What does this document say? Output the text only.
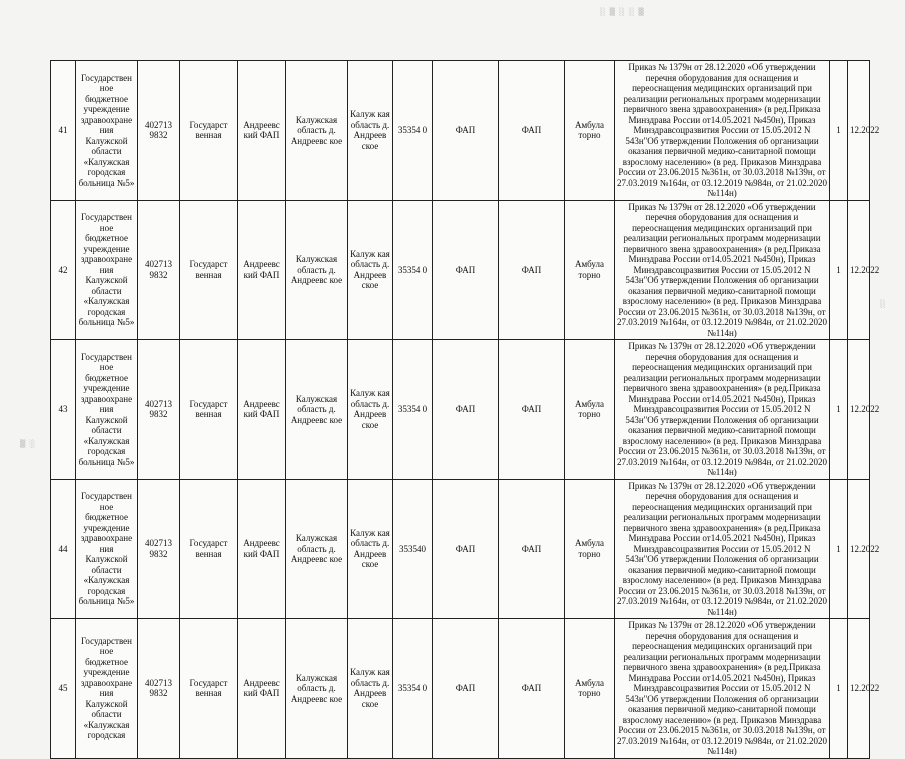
░ ▒ ░ ░ ▒
▒ ░
░
41	Государствен ное бюджетное учреждение здравоохране ния Калужской области «Калужская городская больница №5»	402713 9832	Государст венная	Андреевс кий ФАП	Калужская область д. Андреевс кое	Калуж кая область д. Андреев ское	35354 0	ФАП	ФАП	Амбула торно	Приказ № 1379н от 28.12.2020 «Об утверждении перечня оборудования для оснащения и переоснащения медицинских организаций при реализации региональных программ модернизации первичного звена здравоохранения» (в ред.Приказа Минздрава России от14.05.2021 №450н), Приказ Минздравсоцразвития России от 15.05.2012 N 543н"Об утверждении Положения об организации оказания первичной медико-санитарной помощи взрослому населению» (в ред. Приказов Минздрава России от 23.06.2015 №361н, от 30.03.2018 №139н, от 27.03.2019 №164н, от 03.12.2019 №984н, от 21.02.2020 №114н)	1	12.2022
42	Государствен ное бюджетное учреждение здравоохране ния Калужской области «Калужская городская больница №5»	402713 9832	Государст венная	Андреевс кий ФАП	Калужская область д. Андреевс кое	Калуж кая область д. Андреев ское	35354 0	ФАП	ФАП	Амбула торно	Приказ № 1379н от 28.12.2020 «Об утверждении перечня оборудования для оснащения и переоснащения медицинских организаций при реализации региональных программ модернизации первичного звена здравоохранения» (в ред.Приказа Минздрава России от14.05.2021 №450н), Приказ Минздравсоцразвития России от 15.05.2012 N 543н"Об утверждении Положения об организации оказания первичной медико-санитарной помощи взрослому населению» (в ред. Приказов Минздрава России от 23.06.2015 №361н, от 30.03.2018 №139н, от 27.03.2019 №164н, от 03.12.2019 №984н, от 21.02.2020 №114н)	1	12.2022
43	Государствен ное бюджетное учреждение здравоохране ния Калужской области «Калужская городская больница №5»	402713 9832	Государст венная	Андреевс кий ФАП	Калужская область д. Андреевс кое	Калуж кая область д. Андреев ское	35354 0	ФАП	ФАП	Амбула торно	Приказ № 1379н от 28.12.2020 «Об утверждении перечня оборудования для оснащения и переоснащения медицинских организаций при реализации региональных программ модернизации первичного звена здравоохранения» (в ред.Приказа Минздрава России от14.05.2021 №450н), Приказ Минздравсоцразвития России от 15.05.2012 N 543н"Об утверждении Положения об организации оказания первичной медико-санитарной помощи взрослому населению» (в ред. Приказов Минздрава России от 23.06.2015 №361н, от 30.03.2018 №139н, от 27.03.2019 №164н, от 03.12.2019 №984н, от 21.02.2020 №114н)	1	12.2022
44	Государствен ное бюджетное учреждение здравоохране ния Калужской области «Калужская городская больница №5»	402713 9832	Государст венная	Андреевс кий ФАП	Калужская область д. Андреевс кое	Калуж кая область д. Андреев ское	353540	ФАП	ФАП	Амбула торно	Приказ № 1379н от 28.12.2020 «Об утверждении перечня оборудования для оснащения и переоснащения медицинских организаций при реализации региональных программ модернизации первичного звена здравоохранения» (в ред.Приказа Минздрава России от14.05.2021 №450н), Приказ Минздравсоцразвития России от 15.05.2012 N 543н"Об утверждении Положения об организации оказания первичной медико-санитарной помощи взрослому населению» (в ред. Приказов Минздрава России от 23.06.2015 №361н, от 30.03.2018 №139н, от 27.03.2019 №164н, от 03.12.2019 №984н, от 21.02.2020 №114н)	1	12.2022
45	Государствен ное бюджетное учреждение здравоохране ния Калужской области «Калужская городская	402713 9832	Государст венная	Андреевс кий ФАП	Калужская область д. Андреевс кое	Калуж кая область д. Андреев ское	35354 0	ФАП	ФАП	Амбула торно	Приказ № 1379н от 28.12.2020 «Об утверждении перечня оборудования для оснащения и переоснащения медицинских организаций при реализации региональных программ модернизации первичного звена здравоохранения» (в ред.Приказа Минздрава России от14.05.2021 №450н), Приказ Минздравсоцразвития России от 15.05.2012 N 543н"Об утверждении Положения об организации оказания первичной медико-санитарной помощи взрослому населению» (в ред. Приказов Минздрава России от 23.06.2015 №361н, от 30.03.2018 №139н, от 27.03.2019 №164н, от 03.12.2019 №984н, от 21.02.2020 №114н)	1	12.2022
